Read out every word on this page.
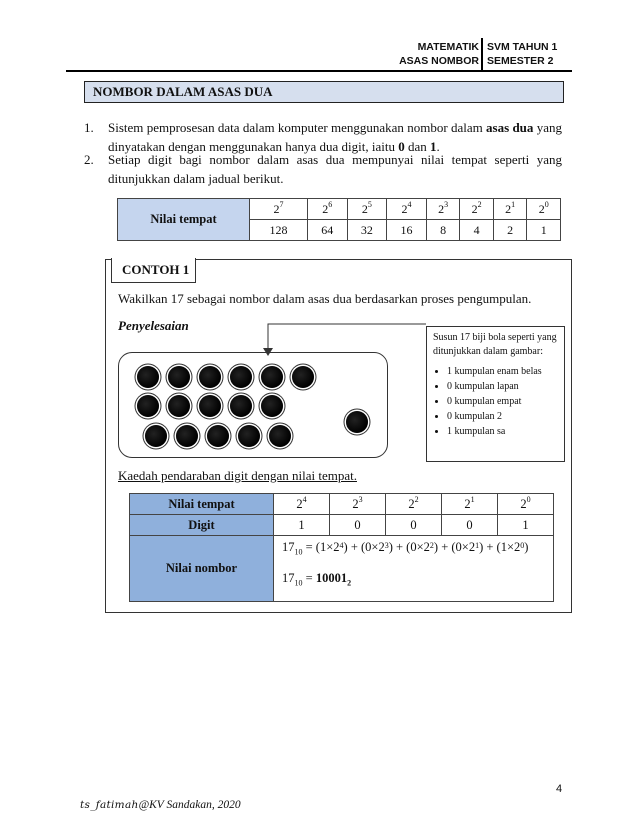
MATEMATIK
ASAS NOMBOR
SVM TAHUN 1
SEMESTER 2
NOMBOR DALAM ASAS DUA
1. Sistem pemprosesan data dalam komputer menggunakan nombor dalam asas dua yang dinyatakan dengan menggunakan hanya dua digit, iaitu 0 dan 1.
2. Setiap digit bagi nombor dalam asas dua mempunyai nilai tempat seperti yang ditunjukkan dalam jadual berikut.
Nilai tempat	$2^7$	$2^6$	$2^5$	$2^4$	$2^3$	$2^2$	$2^1$	$2^0$
	128	64	32	16	8	4	2	1
CONTOH 1
Wakilkan 17 sebagai nombor dalam asas dua berdasarkan proses pengumpulan.
Penyelesaian
Susun 17 biji bola seperti yang ditunjukkan dalam gambar:
• 1 kumpulan enam belas
• 0 kumpulan lapan
• 0 kumpulan empat
• 0 kumpulan 2
• 1 kumpulan sa
Kaedah pendaraban digit dengan nilai tempat.
Nilai tempat	$2^4$	$2^3$	$2^2$	$2^1$	$2^0$
Digit	1	0	0	0	1
Nilai nombor	$17_{10} = (1\times 2^4) + (0\times 2^3) + (0\times 2^2) + (0\times 2^1) + (1\times 2^0)$
$17_{10} = 10001_2$
4
ts_fatimah@KV Sandakan, 2020
